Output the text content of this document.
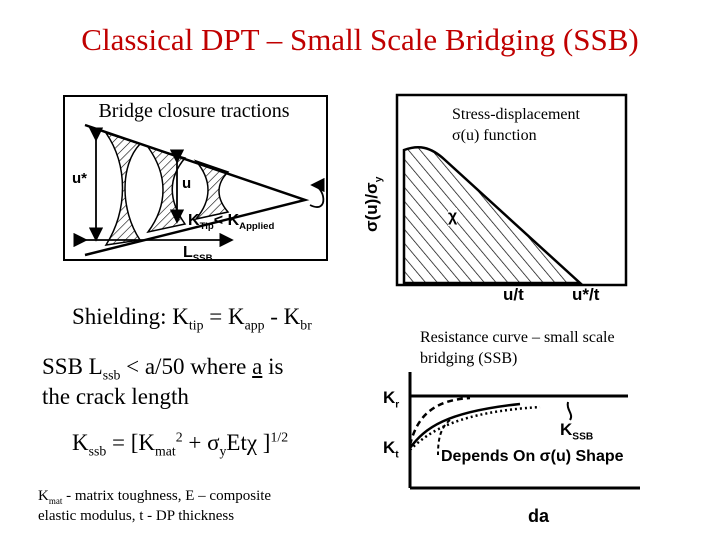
Classical DPT – Small Scale Bridging (SSB)
Bridge closure tractions
u*	u
$K_{Tip}< K_{Applied}$
$L_{SSB}$
Stress-displacement
σ(u) function
$\sigma(u)/\sigma_y$
χ
u/t	u*/t
Resistance curve – small scale bridging (SSB)
$K_r$
$K_t$
$K_{SSB}$
Depends On σ(u) Shape
da
Shielding: $K_{tip} = K_{app} - K_{br}$
SSB $L_{ssb} < a/50$ where a is
the crack length
$K_{ssb} = [K_{mat}^2 + \sigma_yEt\chi$ ]$^{1/2}$
$K_{mat}$ - matrix toughness, E – composite
elastic modulus, t - DP thickness
